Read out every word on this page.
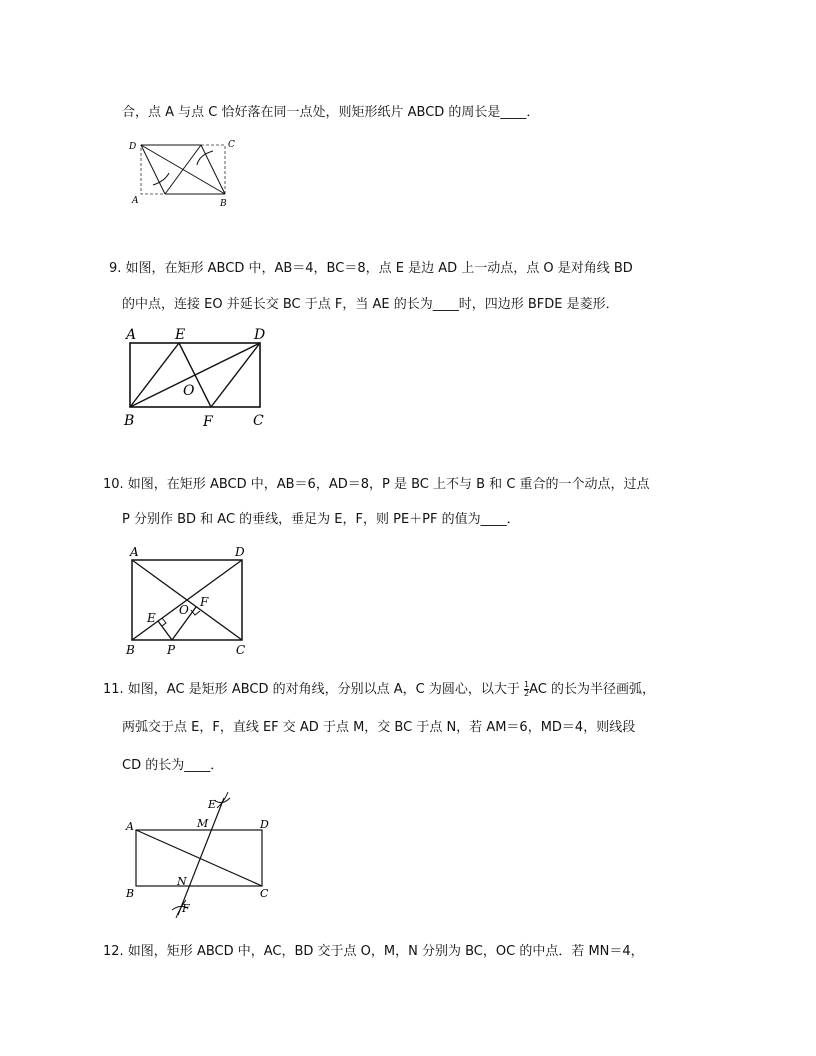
合，点 A 与点 C 恰好落在同一点处，则矩形纸片 ABCD 的周长是____．
D	C
A	B
9. 如图，在矩形 ABCD 中，AB＝4，BC＝8，点 E 是边 AD 上一动点，点 O 是对角线 BD
的中点，连接 EO 并延长交 BC 于点 F，当 AE 的长为____时，四边形 BFDE 是菱形．
A	E	D
O
B	F	C
10. 如图，在矩形 ABCD 中，AB＝6，AD＝8，P 是 BC 上不与 B 和 C 重合的一个动点，过点
P 分别作 BD 和 AC 的垂线，垂足为 E，F，则 PE＋PF 的值为____．
A	D
E
O
F
B	P	C
11. 如图，AC 是矩形 ABCD 的对角线，分别以点 A，C 为圆心，以大于 $\frac{1}{2}$ AC 的长为半径画弧，
两弧交于点 E，F，直线 EF 交 AD 于点 M，交 BC 于点 N，若 AM＝6，MD＝4，则线段
CD 的长为____．
E
A	M	D
B
N
C
F
12. 如图，矩形 ABCD 中，AC，BD 交于点 O，M，N 分别为 BC，OC 的中点．若 MN＝4，
